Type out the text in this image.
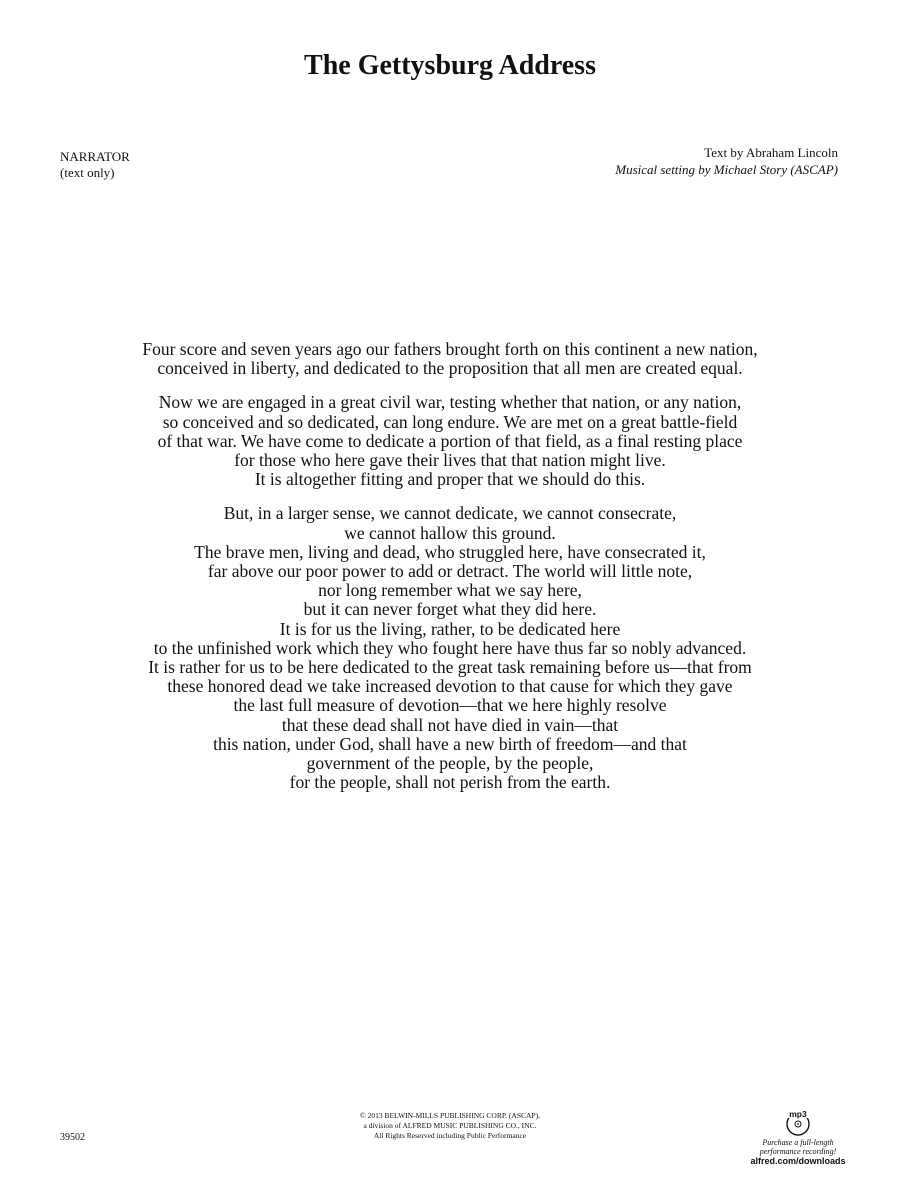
The Gettysburg Address
NARRATOR
(text only)
Text by Abraham Lincoln
Musical setting by Michael Story (ASCAP)
Four score and seven years ago our fathers brought forth on this continent a new nation,
conceived in liberty, and dedicated to the proposition that all men are created equal.
Now we are engaged in a great civil war, testing whether that nation, or any nation,
so conceived and so dedicated, can long endure. We are met on a great battle-field
of that war. We have come to dedicate a portion of that field, as a final resting place
for those who here gave their lives that that nation might live.
It is altogether fitting and proper that we should do this.
But, in a larger sense, we cannot dedicate, we cannot consecrate,
we cannot hallow this ground.
The brave men, living and dead, who struggled here, have consecrated it,
far above our poor power to add or detract. The world will little note,
nor long remember what we say here,
but it can never forget what they did here.
It is for us the living, rather, to be dedicated here
to the unfinished work which they who fought here have thus far so nobly advanced.
It is rather for us to be here dedicated to the great task remaining before us—that from
these honored dead we take increased devotion to that cause for which they gave
the last full measure of devotion—that we here highly resolve
that these dead shall not have died in vain—that
this nation, under God, shall have a new birth of freedom—and that
government of the people, by the people,
for the people, shall not perish from the earth.
39502
© 2013 BELWIN-MILLS PUBLISHING CORP. (ASCAP),
a division of ALFRED MUSIC PUBLISHING CO., INC.
All Rights Reserved including Public Performance
mp3
Purchase a full-length
performance recording!
alfred.com/downloads
